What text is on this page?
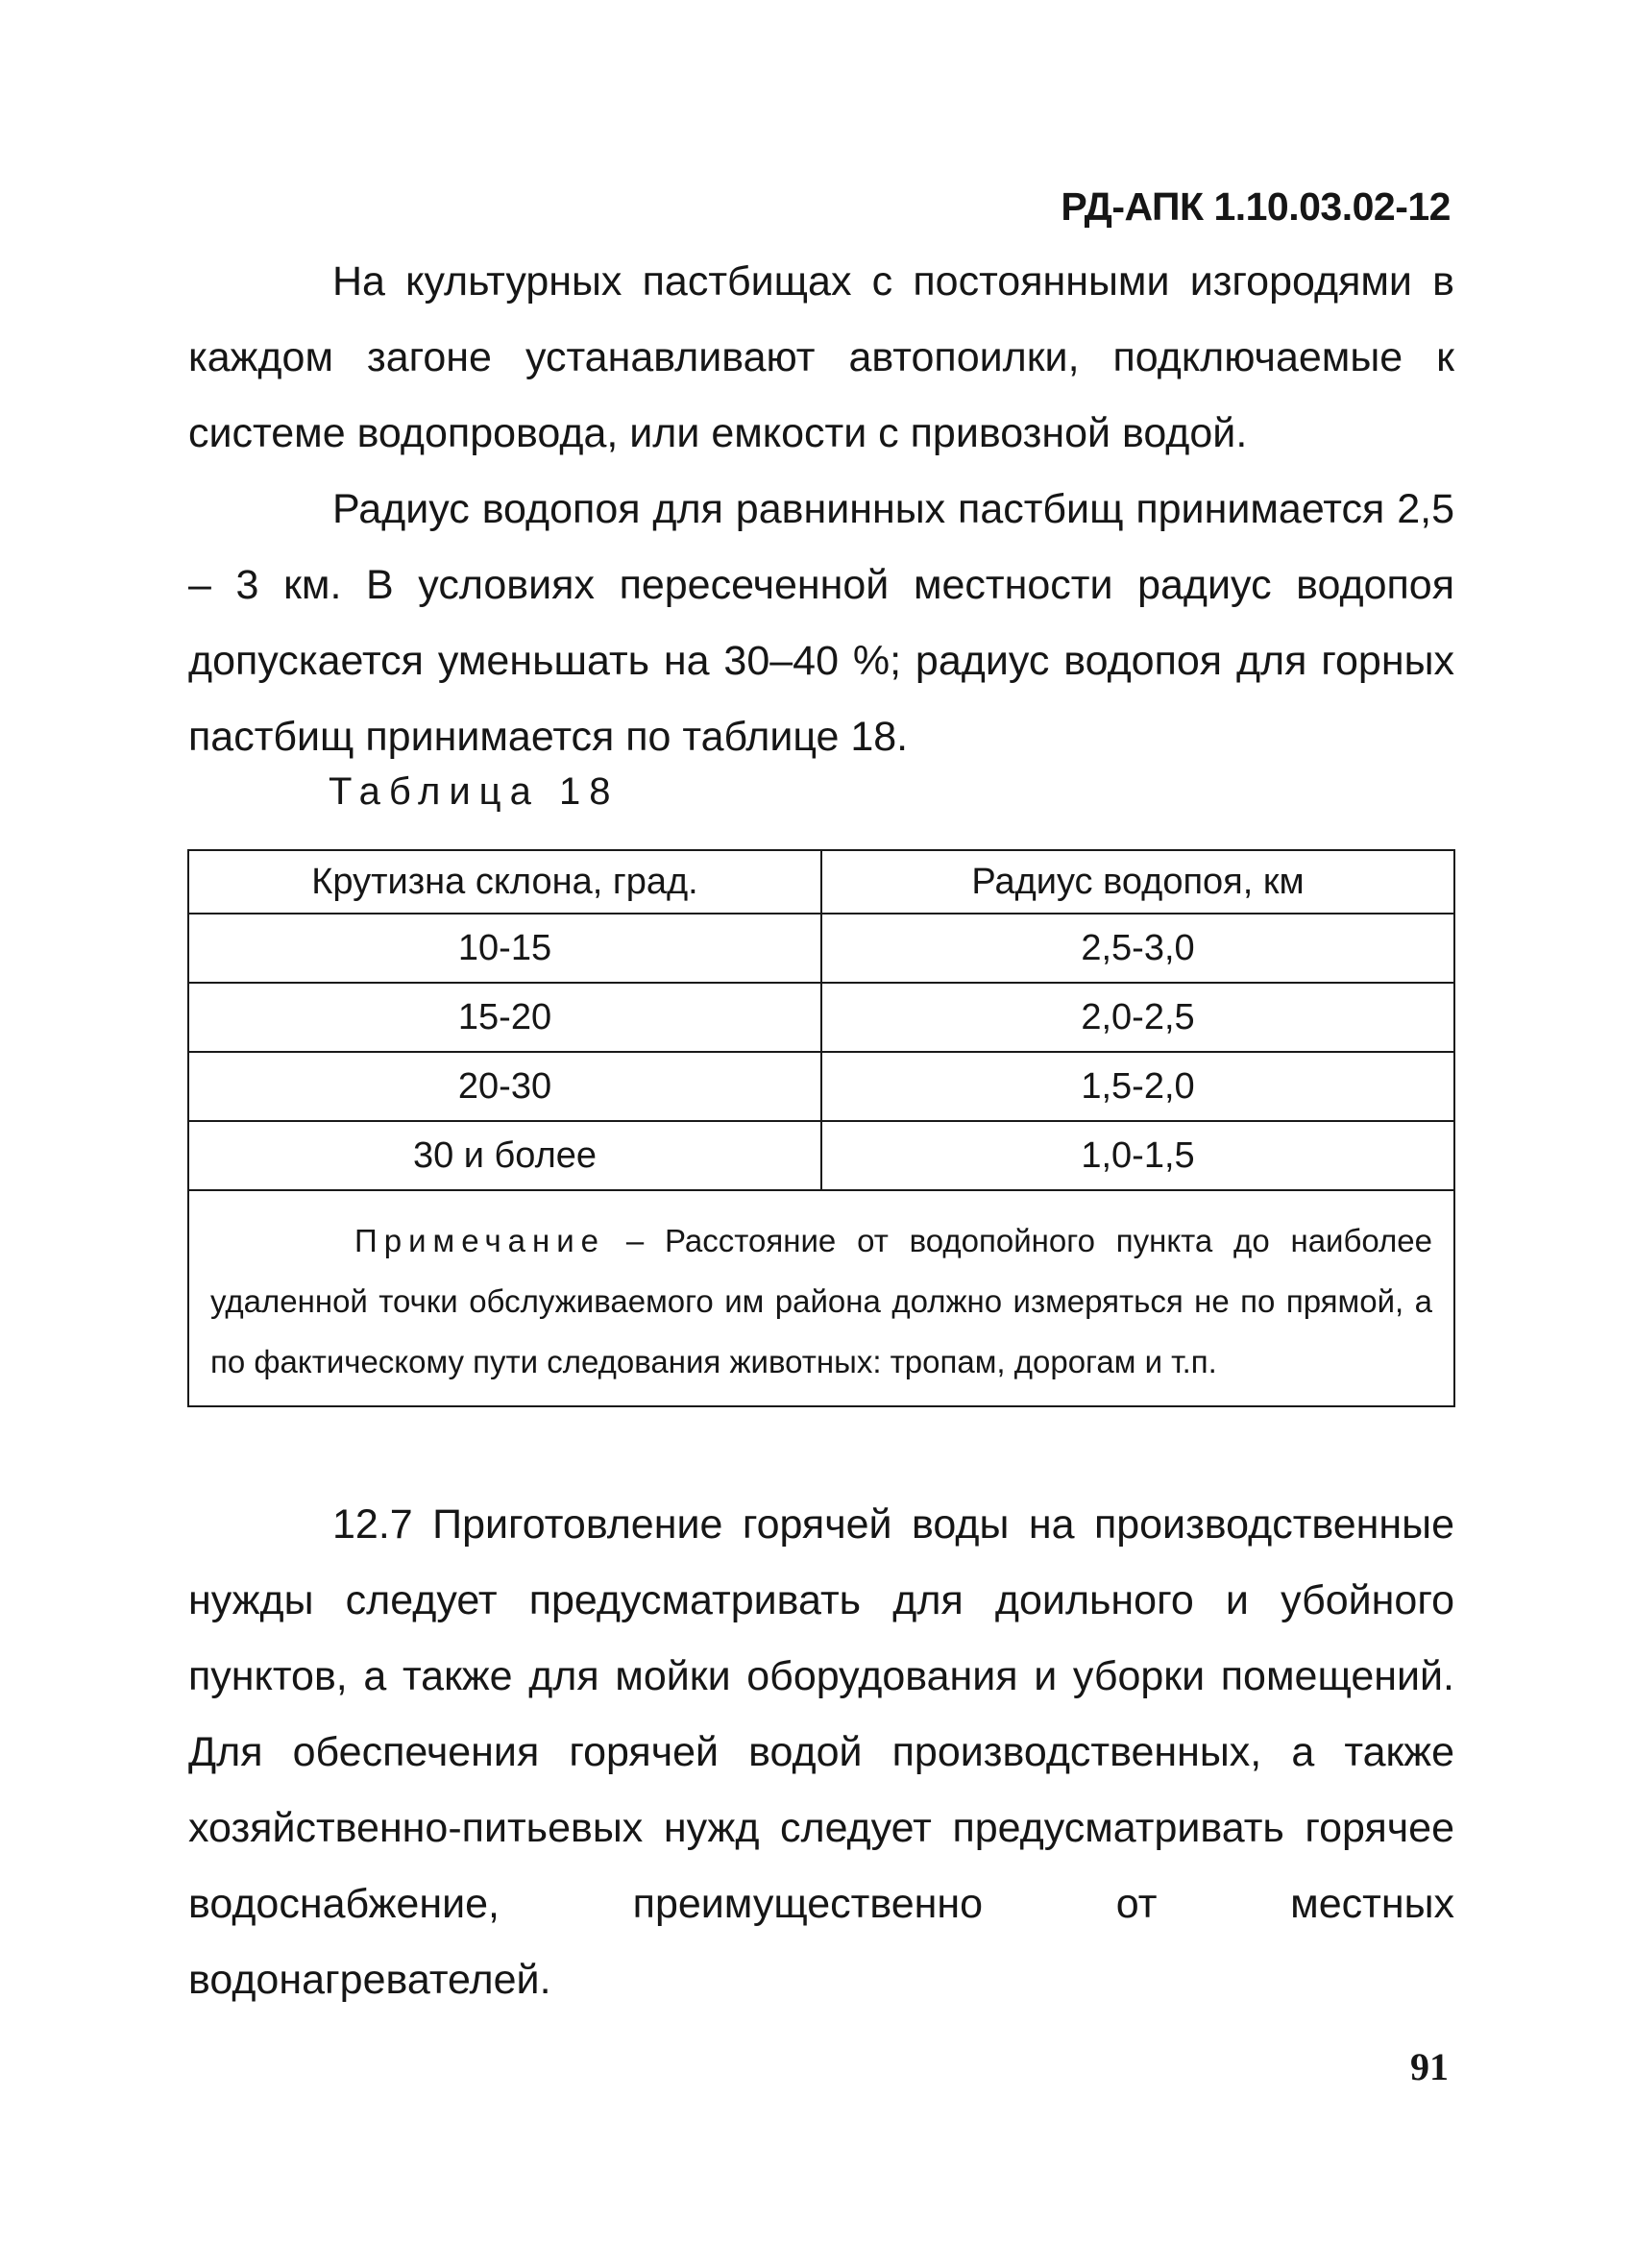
РД-АПК 1.10.03.02-12

На культурных пастбищах с постоянными изгородями в каждом загоне устанавливают автопоилки, подключаемые к системе водопровода, или емкости с привозной водой.

Радиус водопоя для равнинных пастбищ принимается 2,5 – 3 км. В условиях пересеченной местности радиус водопоя допускается уменьшать на 30–40 %; радиус водопоя для горных пастбищ принимается по таблице 18.

Таблица 18
Крутизна склона, град.	Радиус водопоя, км
10-15	2,5-3,0
15-20	2,0-2,5
20-30	1,5-2,0
30 и более	1,0-1,5

Примечание – Расстояние от водопойного пункта до наиболее удаленной точки обслуживаемого им района должно измеряться не по прямой, а по фактическому пути следования животных: тропам, дорогам и т.п.	

12.7 Приготовление горячей воды на производственные нужды следует предусматривать для доильного и убойного пунктов, а также для мойки оборудования и уборки помещений. Для обеспечения горячей водой производственных, а также хозяйственно-питьевых нужд следует предусматривать горячее водоснабжение, преимущественно от местных водонагревателей.

91
